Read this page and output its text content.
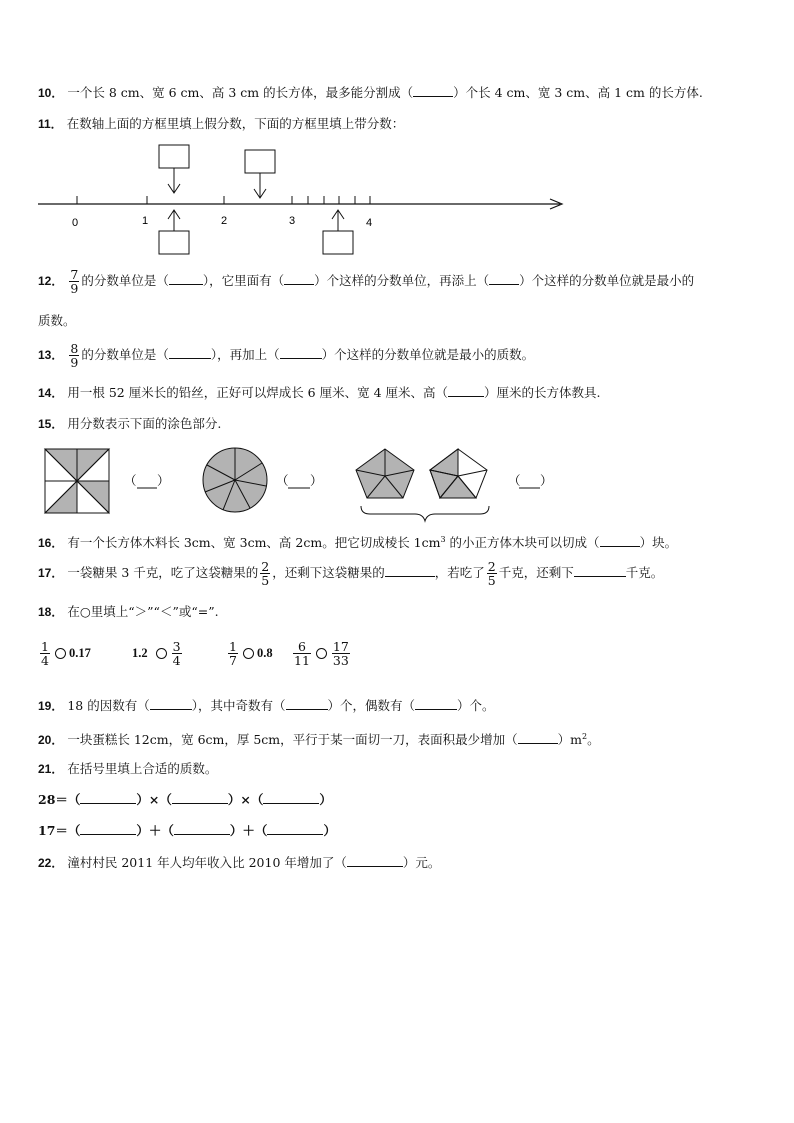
10． 一个长 8 cm、宽 6 cm、高 3 cm 的长方体，最多能分割成（	）个长 4 cm、宽 3 cm、高 1 cm 的长方体.
11． 在数轴上面的方框里填上假分数，下面的方框里填上带分数：
0	1	2	3	4
12． $\frac{7}{9}$ 的分数单位是（	），它里面有（ ）个这样的分数单位，再添上（ ）个这样的分数单位就是最小的
质数。
13． $\frac{8}{9}$ 的分数单位是（	），再加上（	）个这样的分数单位就是最小的质数。
14． 用一根 52 厘米长的铅丝，正好可以焊成长 6 厘米、宽 4 厘米、高（	）厘米的长方体教具.
15． 用分数表示下面的涂色部分.
（ ）	（ ）	（ ）
16． 有一个长方体木料长 3cm、宽 3cm、高 2cm。把它切成棱长 $1cm^3$ 的小正方体木块可以切成（	）块。
17． 一袋糖果 3 千克，吃了这袋糖果的 $\frac{2}{5}$ ，还剩下这袋糖果的	，若吃了 $\frac{2}{5}$ 千克，还剩下	千克。
18． 在○里填上“＞”“＜”或“=”.
$\frac{1}{4} 0.17$	$1.2 \frac{3}{4}$	$\frac{1}{7} 0.8 \frac{6}{11} \frac{17}{33}$
19． 18 的因数有（	），其中奇数有（	）个，偶数有（	）个。
20． 一块蛋糕长 12cm，宽 6cm，厚 5cm，平行于某一面切一刀，表面积最少增加（	）$m^2$。
21． 在括号里填上合适的质数。
28＝（	）×（	）×（	）
17＝（	）＋（	）＋（	）
22． 潼村村民 2011 年人均年收入比 2010 年增加了（	）元。
